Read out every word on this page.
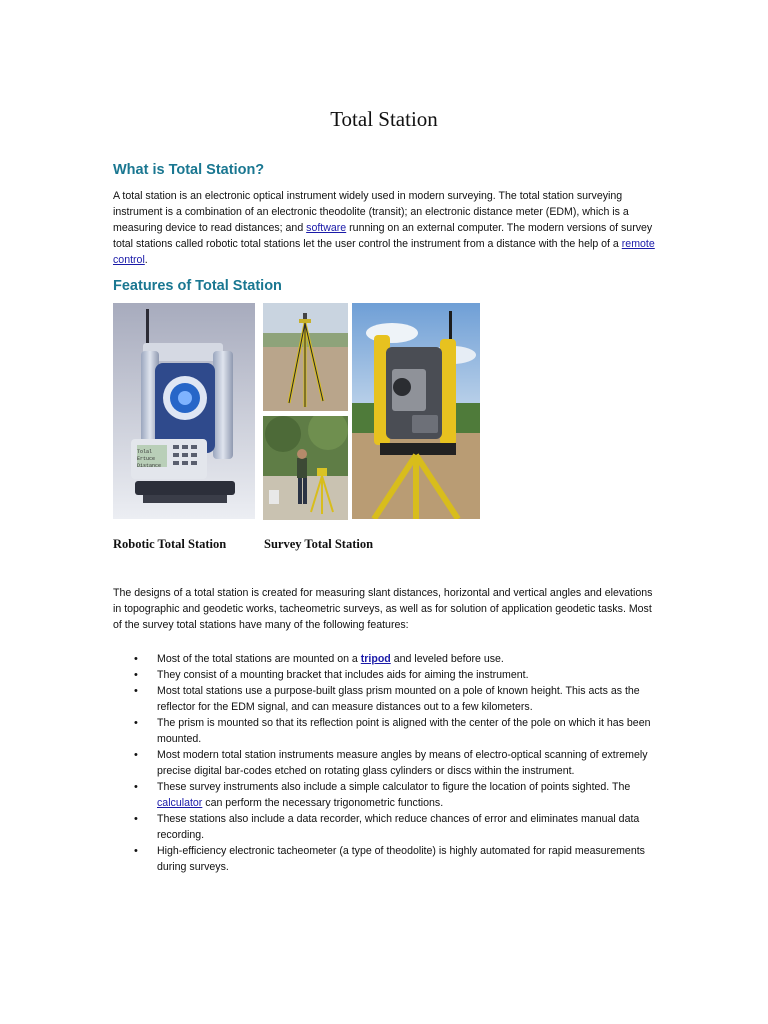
Total Station
What is Total Station?
A total station is an electronic optical instrument widely used in modern surveying. The total station surveying instrument is a combination of an electronic theodolite (transit); an electronic distance meter (EDM), which is a measuring device to read distances; and software running on an external computer. The modern versions of survey total stations called robotic total stations let the user control the instrument from a distance with the help of a remote control.
Features of Total Station
Tolal
Ertuce
Distance
Robotic Total Station	Survey Total Station
The designs of a total station is created for measuring slant distances, horizontal and vertical angles and elevations in topographic and geodetic works, tacheometric surveys, as well as for solution of application geodetic tasks. Most of the survey total stations have many of the following features:
• Most of the total stations are mounted on a tripod and leveled before use.
• They consist of a mounting bracket that includes aids for aiming the instrument.
• Most total stations use a purpose-built glass prism mounted on a pole of known height. This acts as the reflector for the EDM signal, and can measure distances out to a few kilometers.
• The prism is mounted so that its reflection point is aligned with the center of the pole on which it has been mounted.
• Most modern total station instruments measure angles by means of electro-optical scanning of extremely precise digital bar-codes etched on rotating glass cylinders or discs within the instrument.
• These survey instruments also include a simple calculator to figure the location of points sighted. The calculator can perform the necessary trigonometric functions.
• These stations also include a data recorder, which reduce chances of error and eliminates manual data recording.
• High-efficiency electronic tacheometer (a type of theodolite) is highly automated for rapid measurements during surveys.
